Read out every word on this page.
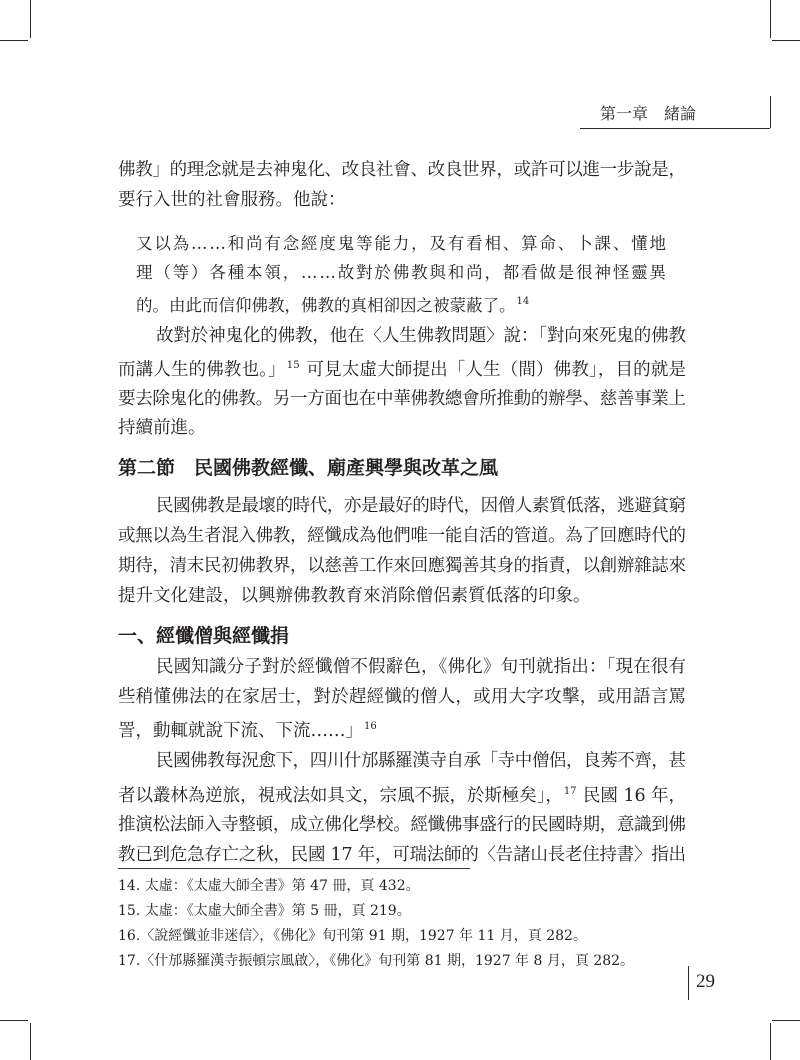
第一章　緒論
佛教」的理念就是去神鬼化、改良社會、改良世界，或許可以進一步說是，
要行入世的社會服務。他說：
又以為……和尚有念經度鬼等能力，及有看相、算命、卜課、懂地
理（等）各種本領，……故對於佛教與和尚，都看做是很神怪靈異
的。由此而信仰佛教，佛教的真相卻因之被蒙蔽了。$^{14}$
故對於神鬼化的佛教，他在〈人生佛教問題〉說：「對向來死鬼的佛教
而講人生的佛教也。」$^{15}$ 可見太虛大師提出「人生（間）佛教」，目的就是
要去除鬼化的佛教。另一方面也在中華佛教總會所推動的辦學、慈善事業上
持續前進。
第二節　民國佛教經懺、廟產興學與改革之風
民國佛教是最壞的時代，亦是最好的時代，因僧人素質低落，逃避貧窮
或無以為生者混入佛教，經懺成為他們唯一能自活的管道。為了回應時代的
期待，清末民初佛教界，以慈善工作來回應獨善其身的指責，以創辦雜誌來
提升文化建設，以興辦佛教教育來消除僧侶素質低落的印象。
一、經懺僧與經懺捐
民國知識分子對於經懺僧不假辭色，《佛化》旬刊就指出：「現在很有
些稍懂佛法的在家居士，對於趕經懺的僧人，或用大字攻擊，或用語言罵
詈，動輒就說下流、下流……」$^{16}$
民國佛教每況愈下，四川什邡縣羅漢寺自承「寺中僧侶，良莠不齊，甚
者以叢林為逆旅，視戒法如具文，宗風不振，於斯極矣」，$^{17}$ 民國 16 年，
推演松法師入寺整頓，成立佛化學校。經懺佛事盛行的民國時期，意識到佛
教已到危急存亡之秋，民國 17 年，可瑞法師的〈告諸山長老住持書〉指出
14. 太虛：《太虛大師全書》第 47 冊，頁 432。
15. 太虛：《太虛大師全書》第 5 冊，頁 219。
16.〈說經懺並非迷信〉，《佛化》旬刊第 91 期，1927 年 11 月，頁 282。
17.〈什邡縣羅漢寺振頓宗風啟〉，《佛化》旬刊第 81 期，1927 年 8 月，頁 282。
29
